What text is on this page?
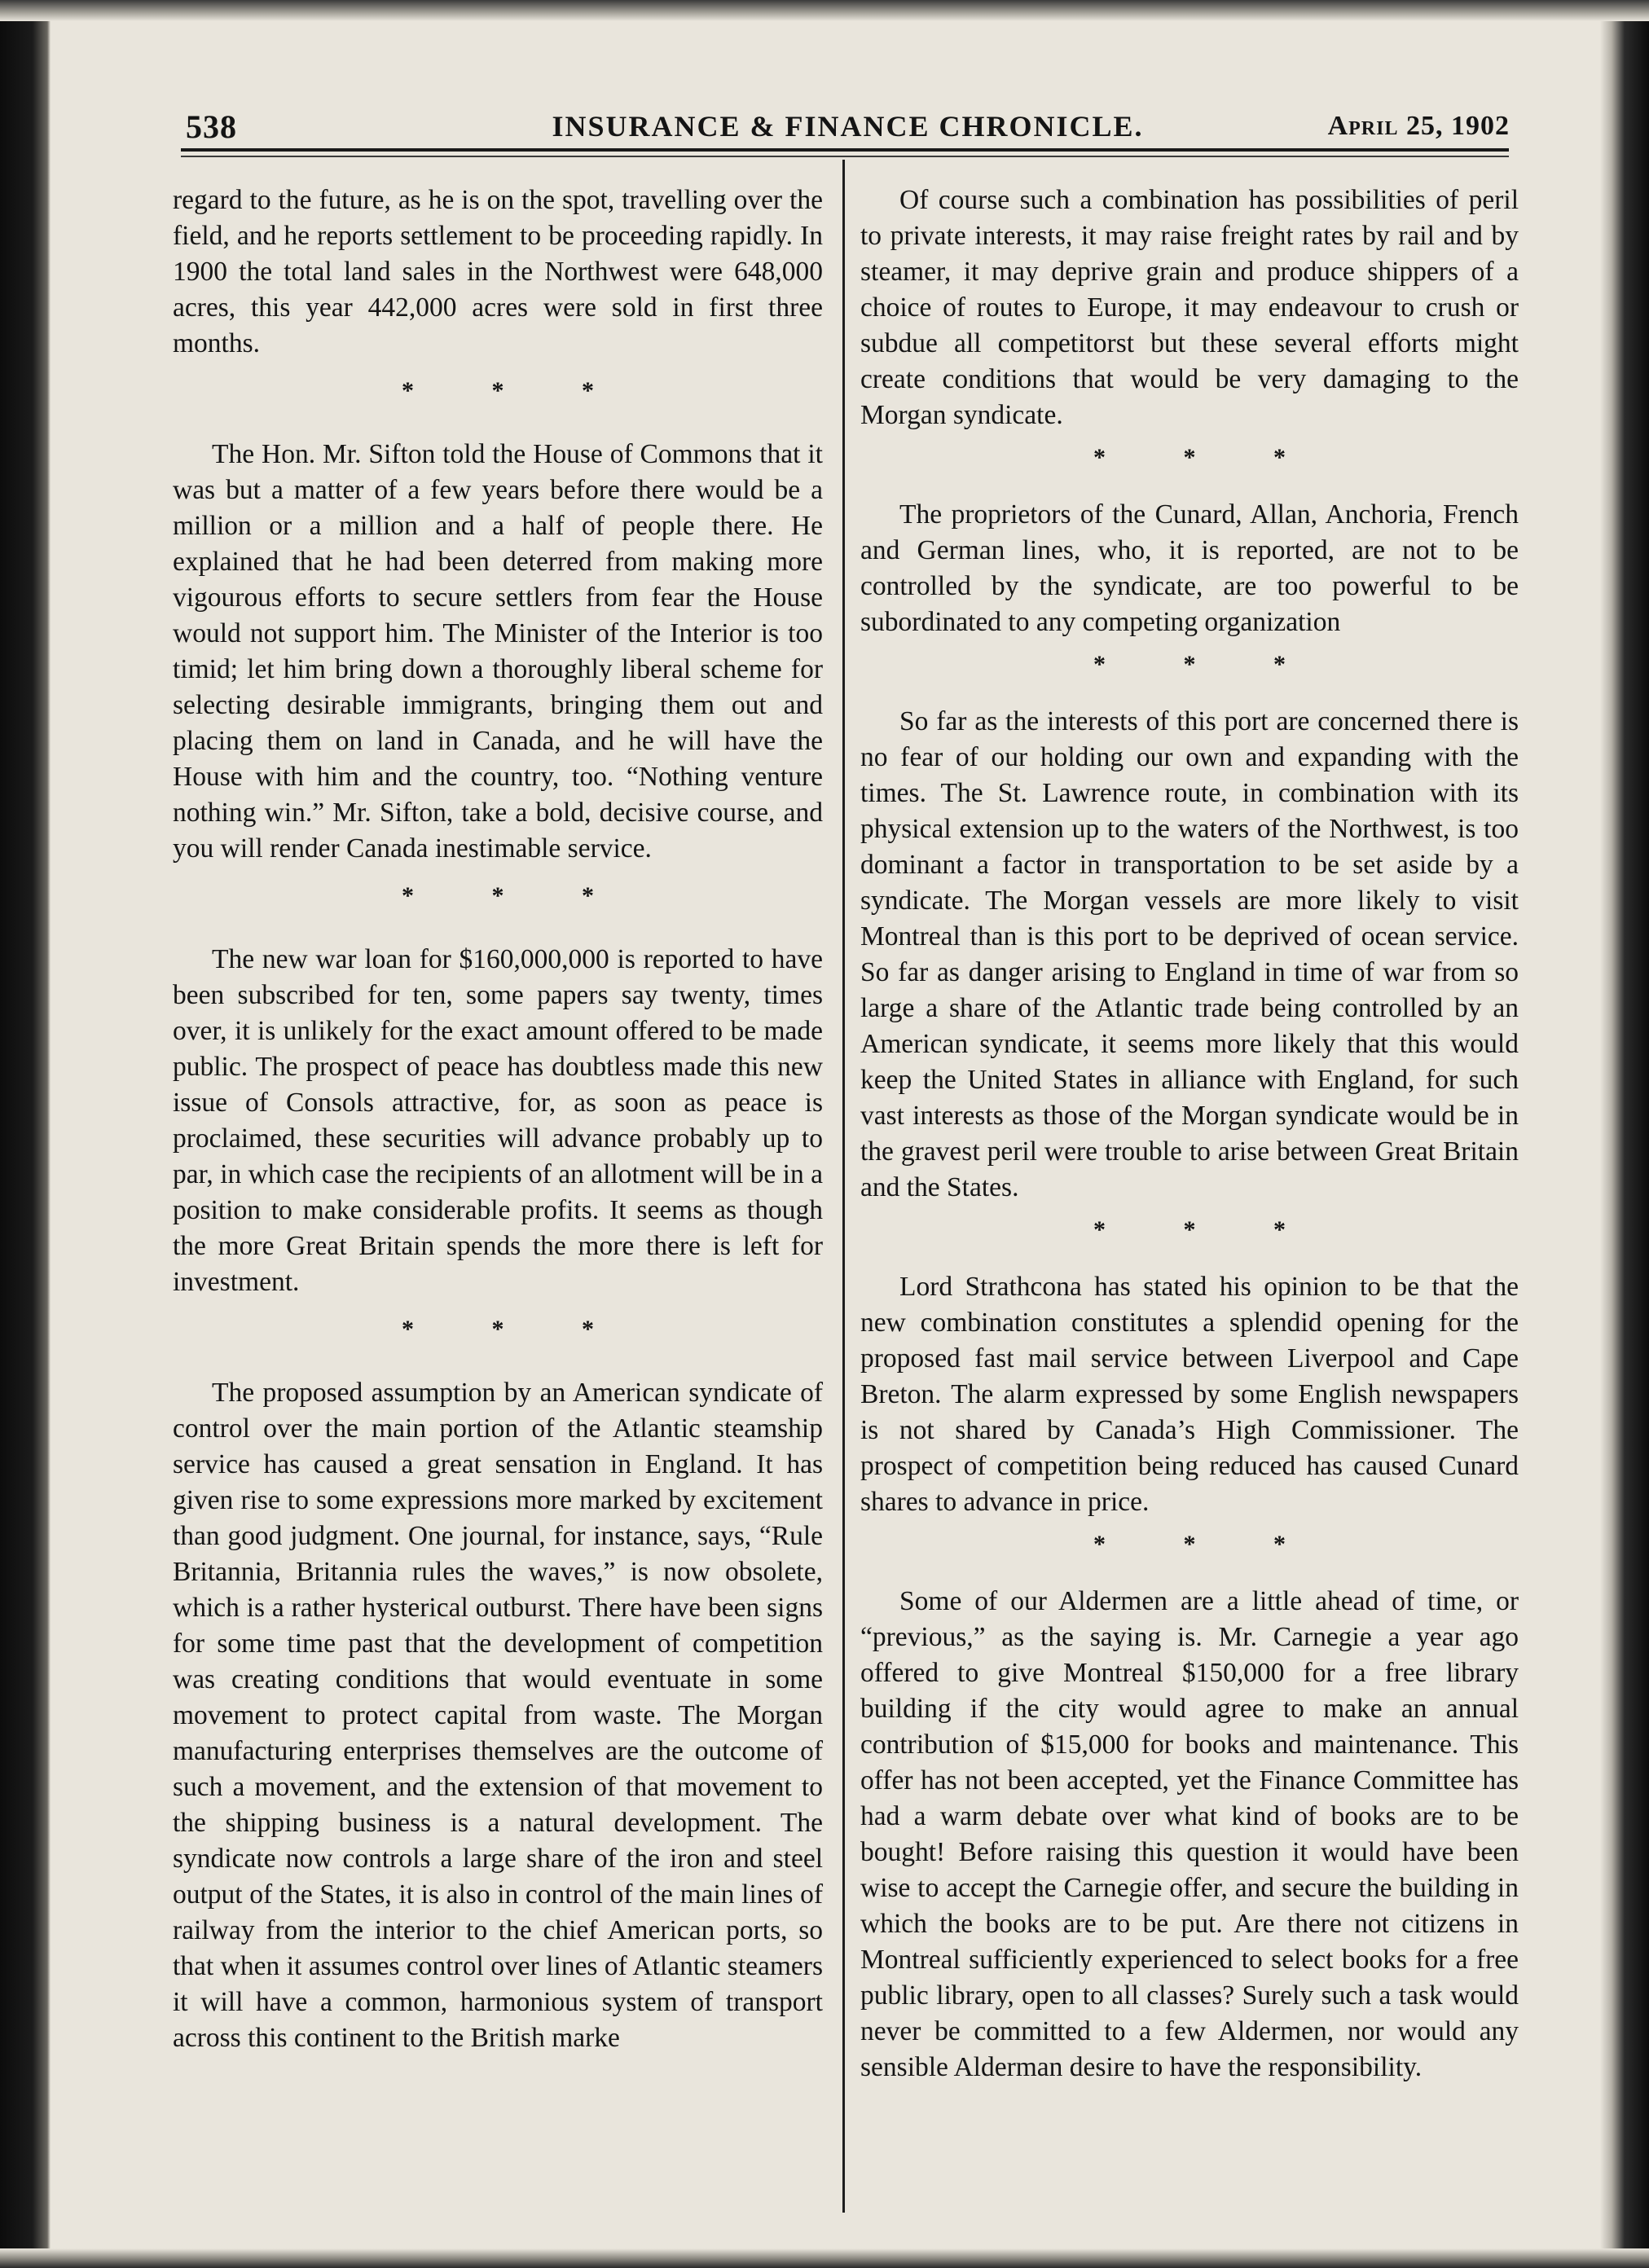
538	INSURANCE & FINANCE CHRONICLE.	April 25, 1902

regard to the future, as he is on the spot, travelling over the field, and he reports settlement to be proceeding rapidly. In 1900 the total land sales in the Northwest were 648,000 acres, this year 442,000 acres were sold in first three months.

* * *

The Hon. Mr. Sifton told the House of Commons that it was but a matter of a few years before there would be a million or a million and a half of people there. He explained that he had been deterred from making more vigourous efforts to secure settlers from fear the House would not support him. The Minister of the Interior is too timid; let him bring down a thoroughly liberal scheme for selecting desirable immigrants, bringing them out and placing them on land in Canada, and he will have the House with him and the country, too. “Nothing venture nothing win.” Mr. Sifton, take a bold, decisive course, and you will render Canada inestimable service.

* * *

The new war loan for $160,000,000 is reported to have been subscribed for ten, some papers say twenty, times over, it is unlikely for the exact amount offered to be made public. The prospect of peace has doubtless made this new issue of Consols attractive, for, as soon as peace is proclaimed, these securities will advance probably up to par, in which case the recipients of an allotment will be in a position to make considerable profits. It seems as though the more Great Britain spends the more there is left for investment.

* * *

The proposed assumption by an American syndicate of control over the main portion of the Atlantic steamship service has caused a great sensation in England. It has given rise to some expressions more marked by excitement than good judgment. One journal, for instance, says, “Rule Britannia, Britannia rules the waves,” is now obsolete, which is a rather hysterical outburst. There have been signs for some time past that the development of competition was creating conditions that would eventuate in some movement to protect capital from waste. The Morgan manufacturing enterprises themselves are the outcome of such a movement, and the extension of that movement to the shipping business is a natural development. The syndicate now controls a large share of the iron and steel output of the States, it is also in control of the main lines of railway from the interior to the chief American ports, so that when it assumes control over lines of Atlantic steamers it will have a common, harmonious system of transport across this continent to the British marke

Of course such a combination has possibilities of peril to private interests, it may raise freight rates by rail and by steamer, it may deprive grain and produce shippers of a choice of routes to Europe, it may endeavour to crush or subdue all competitorst but these several efforts might create conditions that would be very damaging to the Morgan syndicate.

* * *

The proprietors of the Cunard, Allan, Anchoria, French and German lines, who, it is reported, are not to be controlled by the syndicate, are too powerful to be subordinated to any competing organization

* * *

So far as the interests of this port are concerned there is no fear of our holding our own and expanding with the times. The St. Lawrence route, in combination with its physical extension up to the waters of the Northwest, is too dominant a factor in transportation to be set aside by a syndicate. The Morgan vessels are more likely to visit Montreal than is this port to be deprived of ocean service. So far as danger arising to England in time of war from so large a share of the Atlantic trade being controlled by an American syndicate, it seems more likely that this would keep the United States in alliance with England, for such vast interests as those of the Morgan syndicate would be in the gravest peril were trouble to arise between Great Britain and the States.

* * *

Lord Strathcona has stated his opinion to be that the new combination constitutes a splendid opening for the proposed fast mail service between Liverpool and Cape Breton. The alarm expressed by some English newspapers is not shared by Canada’s High Commissioner. The prospect of competition being reduced has caused Cunard shares to advance in price.

* * *

Some of our Aldermen are a little ahead of time, or “previous,” as the saying is. Mr. Carnegie a year ago offered to give Montreal $150,000 for a free library building if the city would agree to make an annual contribution of $15,000 for books and maintenance. This offer has not been accepted, yet the Finance Committee has had a warm debate over what kind of books are to be bought! Before raising this question it would have been wise to accept the Carnegie offer, and secure the building in which the books are to be put. Are there not citizens in Montreal sufficiently experienced to select books for a free public library, open to all classes? Surely such a task would never be committed to a few Aldermen, nor would any sensible Alderman desire to have the responsibility.
